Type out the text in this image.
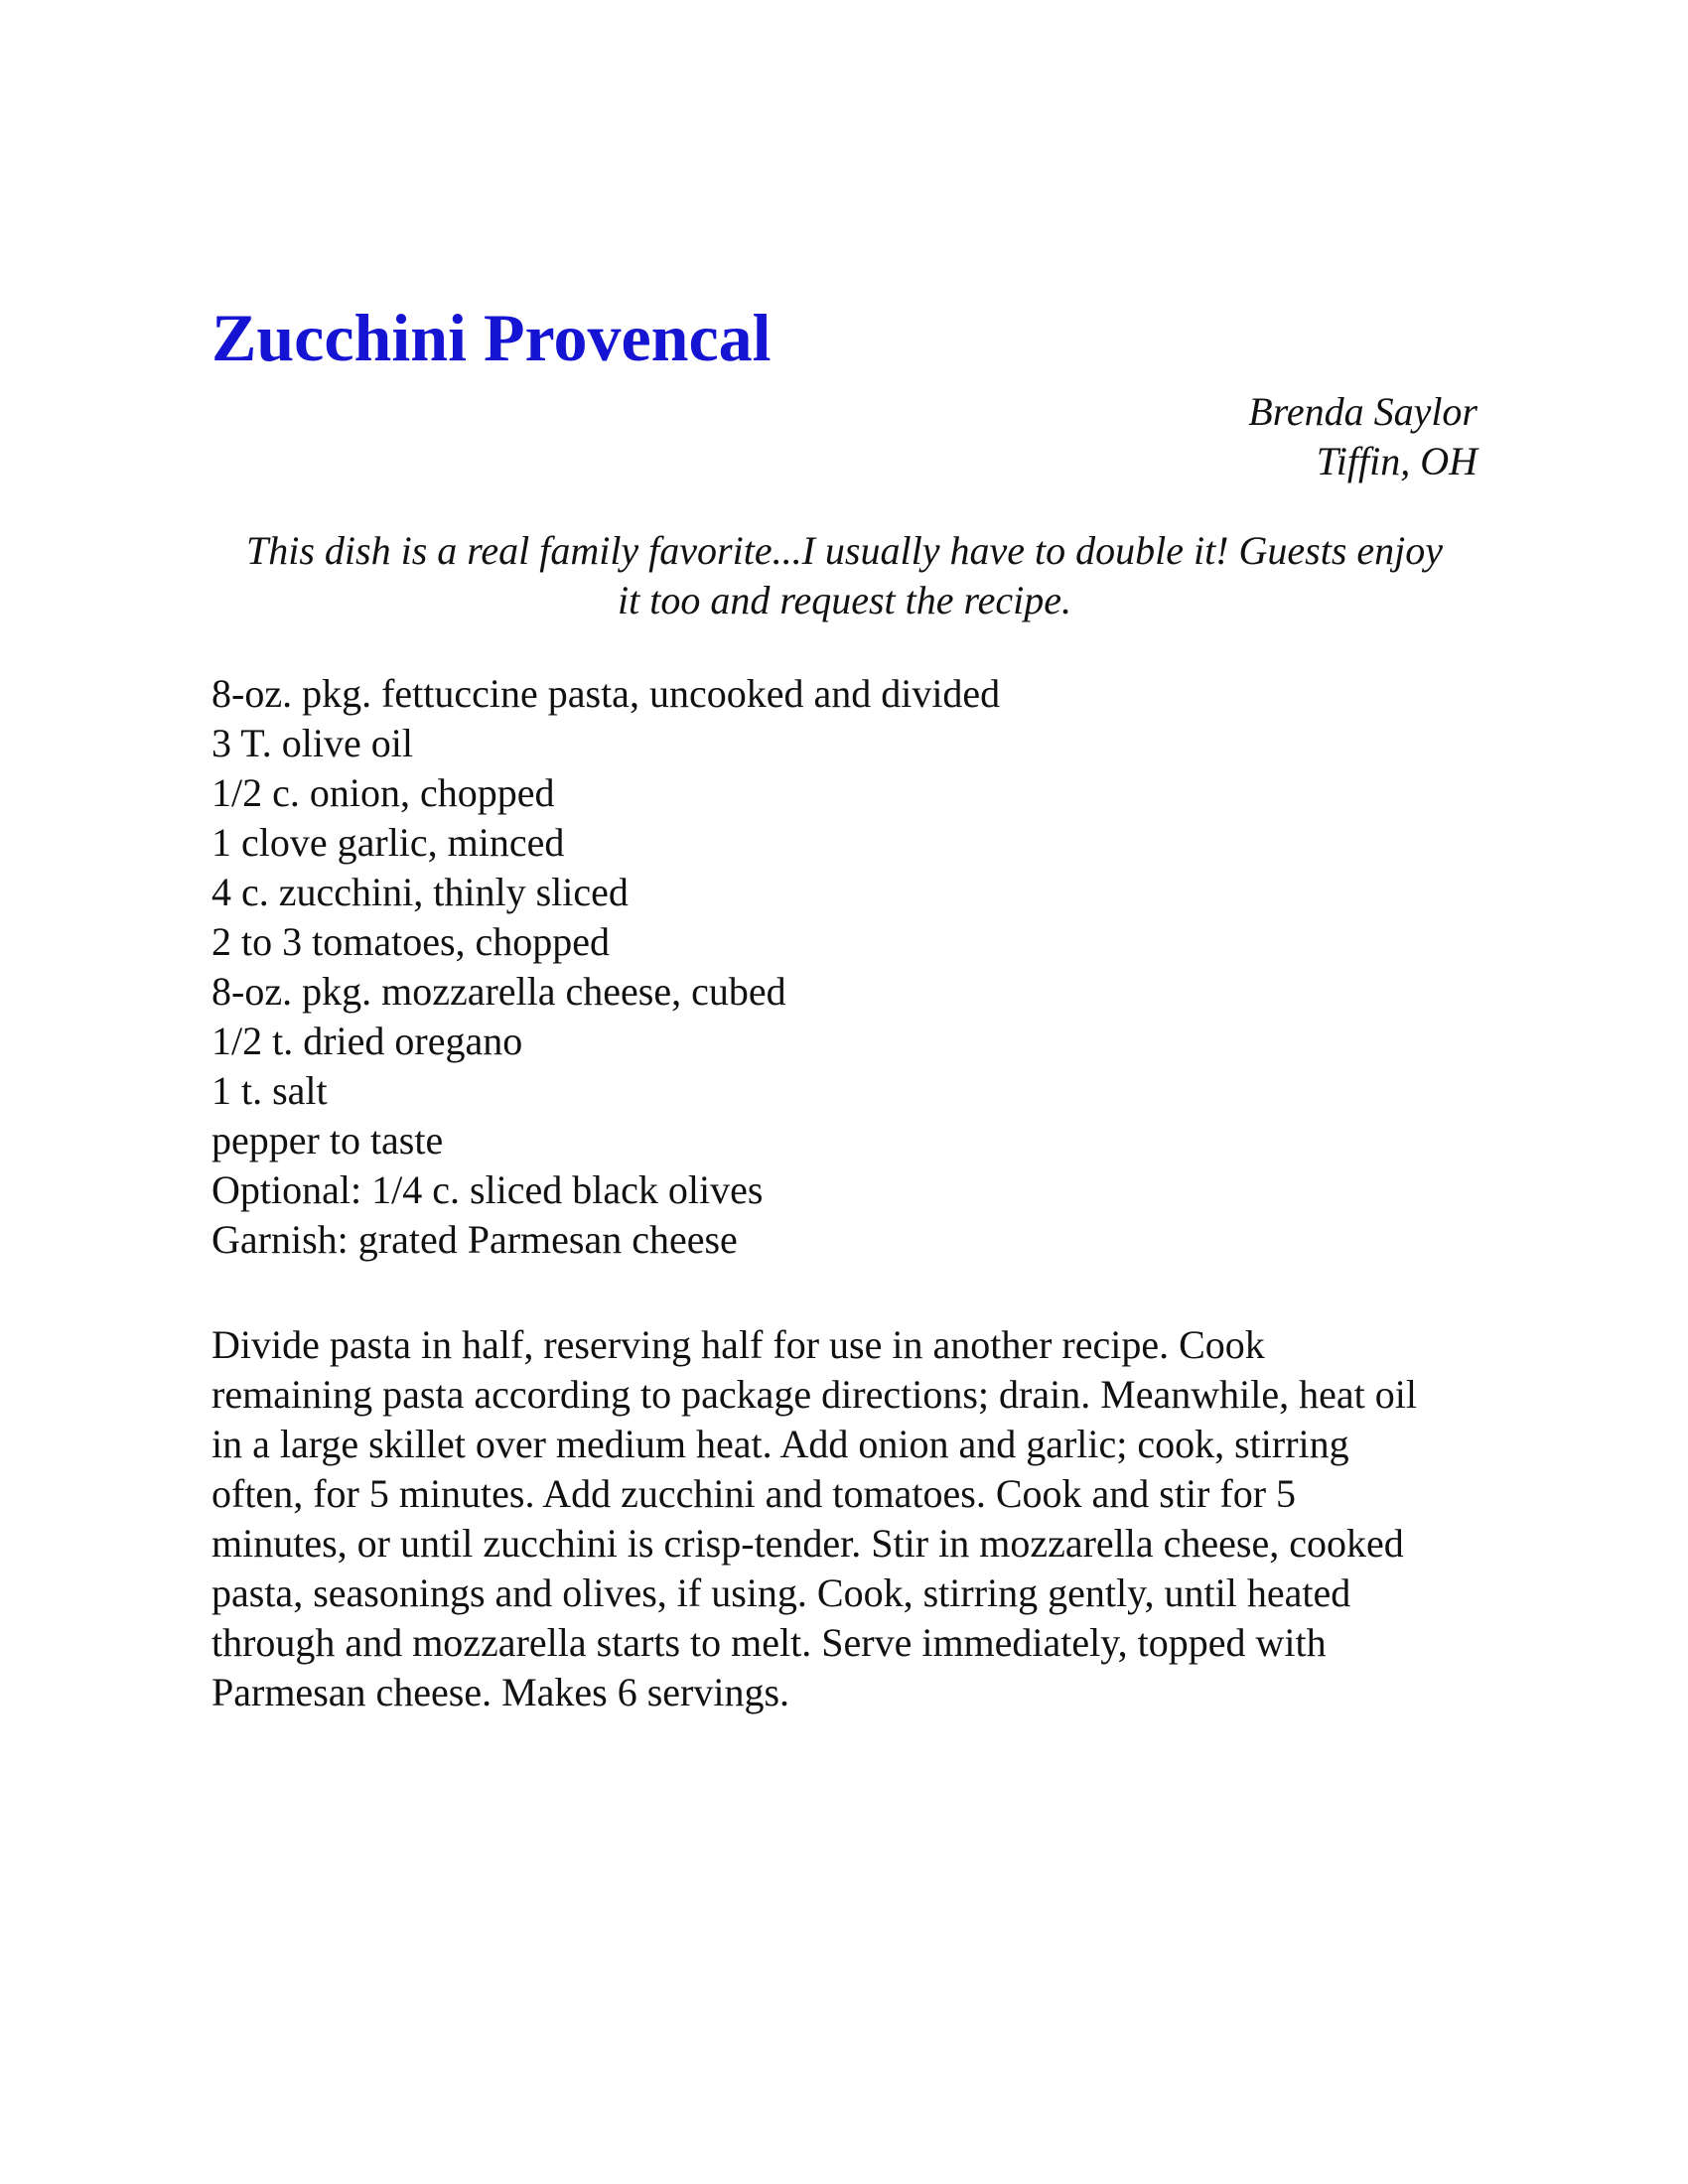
Zucchini Provencal
Brenda Saylor
Tiffin, OH
This dish is a real family favorite...I usually have to double it! Guests enjoy
it too and request the recipe.
8-oz. pkg. fettuccine pasta, uncooked and divided
3 T. olive oil
1/2 c. onion, chopped
1 clove garlic, minced
4 c. zucchini, thinly sliced
2 to 3 tomatoes, chopped
8-oz. pkg. mozzarella cheese, cubed
1/2 t. dried oregano
1 t. salt
pepper to taste
Optional: 1/4 c. sliced black olives
Garnish: grated Parmesan cheese
Divide pasta in half, reserving half for use in another recipe. Cook
remaining pasta according to package directions; drain. Meanwhile, heat oil
in a large skillet over medium heat. Add onion and garlic; cook, stirring
often, for 5 minutes. Add zucchini and tomatoes. Cook and stir for 5
minutes, or until zucchini is crisp-tender. Stir in mozzarella cheese, cooked
pasta, seasonings and olives, if using. Cook, stirring gently, until heated
through and mozzarella starts to melt. Serve immediately, topped with
Parmesan cheese. Makes 6 servings.
